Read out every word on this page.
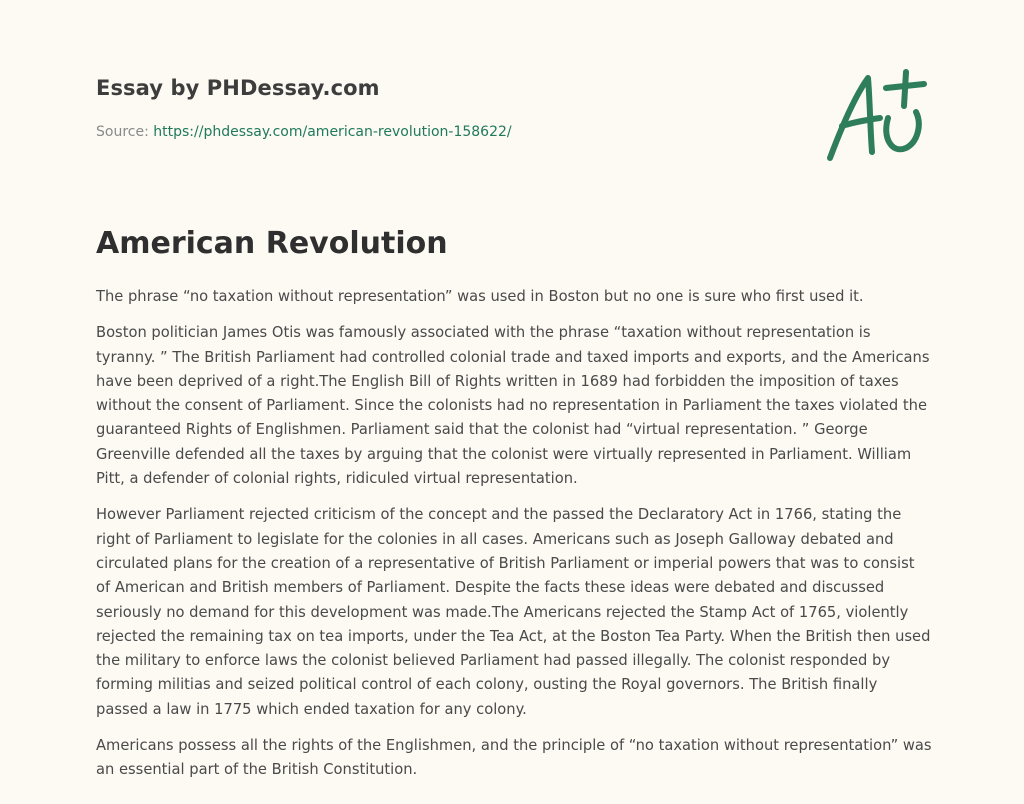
Essay by PHDessay.com
Source: https://phdessay.com/american-revolution-158622/
American Revolution

The phrase “no taxation without representation” was used in Boston but no one is sure who first used it.

Boston politician James Otis was famously associated with the phrase “taxation without representation is tyranny. ” The British Parliament had controlled colonial trade and taxed imports and exports, and the Americans have been deprived of a right.The English Bill of Rights written in 1689 had forbidden the imposition of taxes without the consent of Parliament. Since the colonists had no representation in Parliament the taxes violated the guaranteed Rights of Englishmen. Parliament said that the colonist had “virtual representation. ” George Greenville defended all the taxes by arguing that the colonist were virtually represented in Parliament. William Pitt, a defender of colonial rights, ridiculed virtual representation.

However Parliament rejected criticism of the concept and the passed the Declaratory Act in 1766, stating the right of Parliament to legislate for the colonies in all cases. Americans such as Joseph Galloway debated and circulated plans for the creation of a representative of British Parliament or imperial powers that was to consist of American and British members of Parliament. Despite the facts these ideas were debated and discussed seriously no demand for this development was made.The Americans rejected the Stamp Act of 1765, violently rejected the remaining tax on tea imports, under the Tea Act, at the Boston Tea Party. When the British then used the military to enforce laws the colonist believed Parliament had passed illegally. The colonist responded by forming militias and seized political control of each colony, ousting the Royal governors. The British finally passed a law in 1775 which ended taxation for any colony.

Americans possess all the rights of the Englishmen, and the principle of “no taxation without representation” was an essential part of the British Constitution.
